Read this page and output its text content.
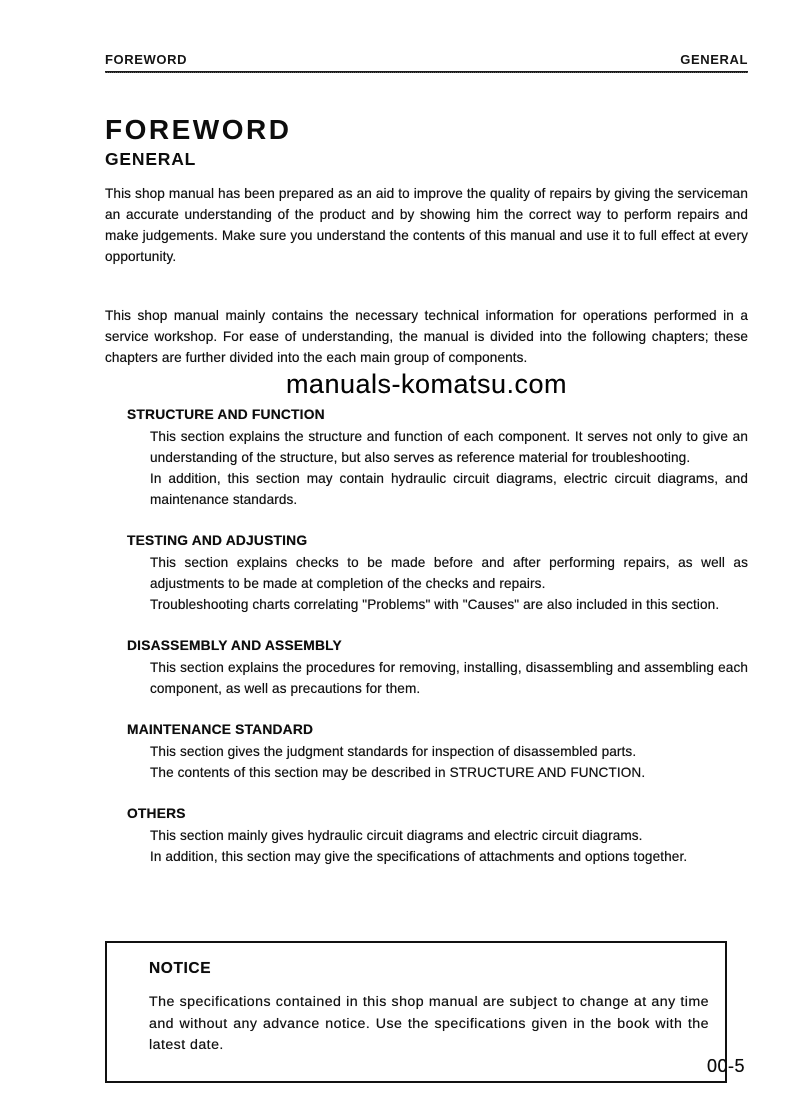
FOREWORD	GENERAL
FOREWORD
GENERAL

This shop manual has been prepared as an aid to improve the quality of repairs by giving the serviceman an accurate understanding of the product and by showing him the correct way to perform repairs and make judgements. Make sure you understand the contents of this manual and use it to full effect at every opportunity.

This shop manual mainly contains the necessary technical information for operations performed in a service workshop. For ease of understanding, the manual is divided into the following chapters; these chapters are further divided into the each main group of components.

manuals-komatsu.com
STRUCTURE AND FUNCTION

This section explains the structure and function of each component. It serves not only to give an understanding of the structure, but also serves as reference material for troubleshooting.

In addition, this section may contain hydraulic circuit diagrams, electric circuit diagrams, and maintenance standards.

TESTING AND ADJUSTING

This section explains checks to be made before and after performing repairs, as well as adjustments to be made at completion of the checks and repairs.

Troubleshooting charts correlating "Problems" with "Causes" are also included in this section.

DISASSEMBLY AND ASSEMBLY

This section explains the procedures for removing, installing, disassembling and assembling each component, as well as precautions for them.

MAINTENANCE STANDARD

This section gives the judgment standards for inspection of disassembled parts.

The contents of this section may be described in STRUCTURE AND FUNCTION.

OTHERS

This section mainly gives hydraulic circuit diagrams and electric circuit diagrams.

In addition, this section may give the specifications of attachments and options together.

NOTICE

The specifications contained in this shop manual are subject to change at any time and without any advance notice. Use the specifications given in the book with the latest date.

00-5
